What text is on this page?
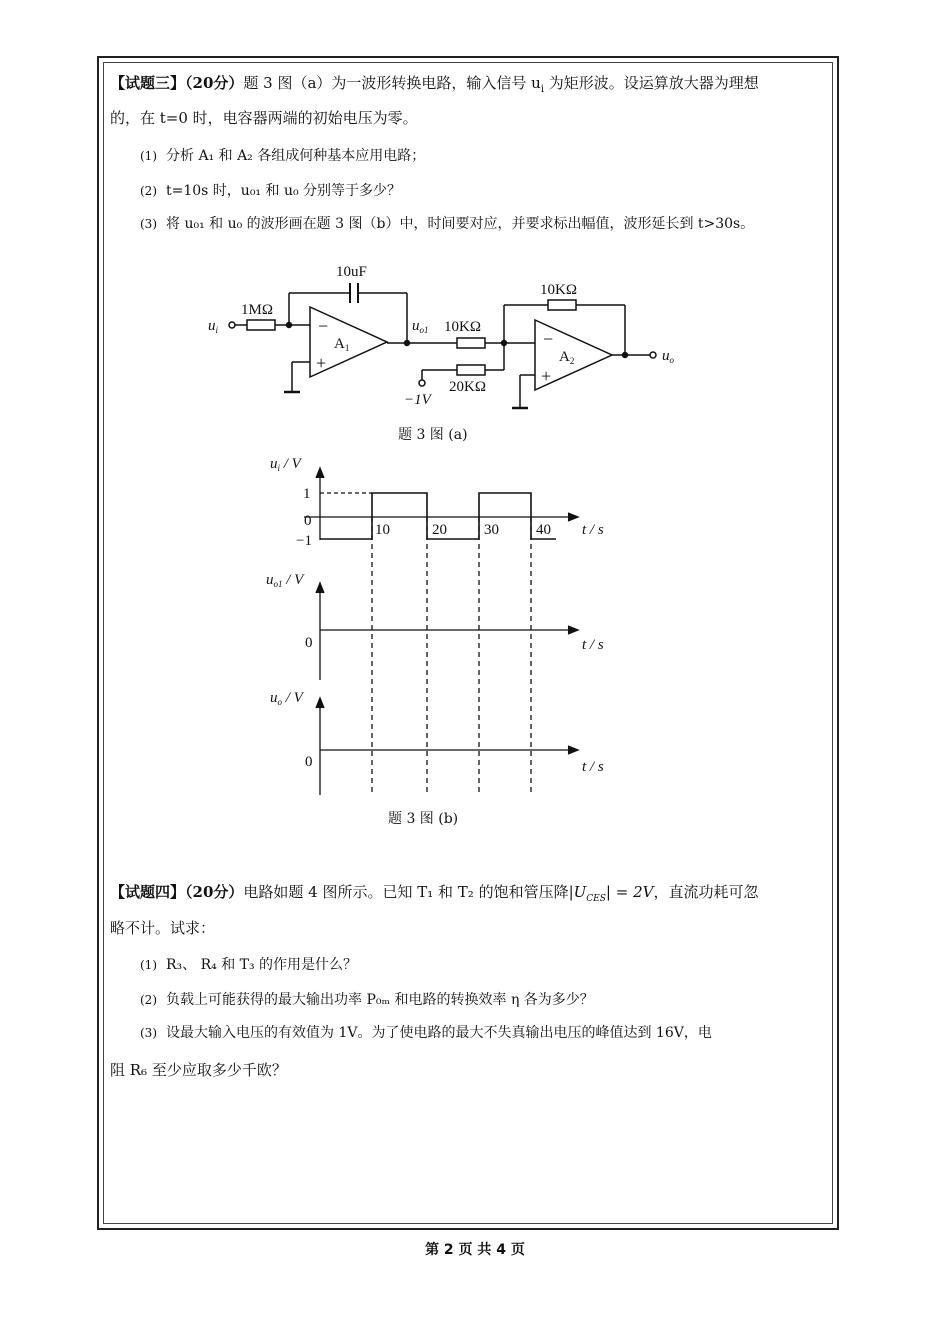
【试题三】（20分）题 3 图（a）为一波形转换电路，输入信号 $u_i$ 为矩形波。设运算放大器为理想
的，在 t=0 时，电容器两端的初始电压为零。
(1) 分析 A₁ 和 A₂ 各组成何种基本应用电路；
(2) t=10s 时，u₀₁ 和 u₀ 分别等于多少？
(3) 将 u₀₁ 和 u₀ 的波形画在题 3 图（b）中，时间要对应，并要求标出幅值，波形延长到 t>30s。
10uF
1MΩ
10KΩ
10KΩ
20KΩ
−1V
$A_1$
$A_2$
$u_i$	$u_{o1}$
$u_o$
−
+
−
+
$u_i$ / V
1
0
−1
10	20 30 40 t / s
$u_{o1}$ / V
0	t / s
$u_o$ / V
0	t / s
题 3 图 (a)
题 3 图 (b)
【试题四】（20分）电路如题 4 图所示。已知 T₁ 和 T₂ 的饱和管压降$|U_{CES}| = 2V$，直流功耗可忽
略不计。试求：
(1) R₃、 R₄ 和 T₃ 的作用是什么？
(2) 负载上可能获得的最大输出功率 P₀ₘ 和电路的转换效率 η 各为多少？
(3) 设最大输入电压的有效值为 1V。为了使电路的最大不失真输出电压的峰值达到 16V，电
阻 R₆ 至少应取多少千欧？
第 2 页 共 4 页
